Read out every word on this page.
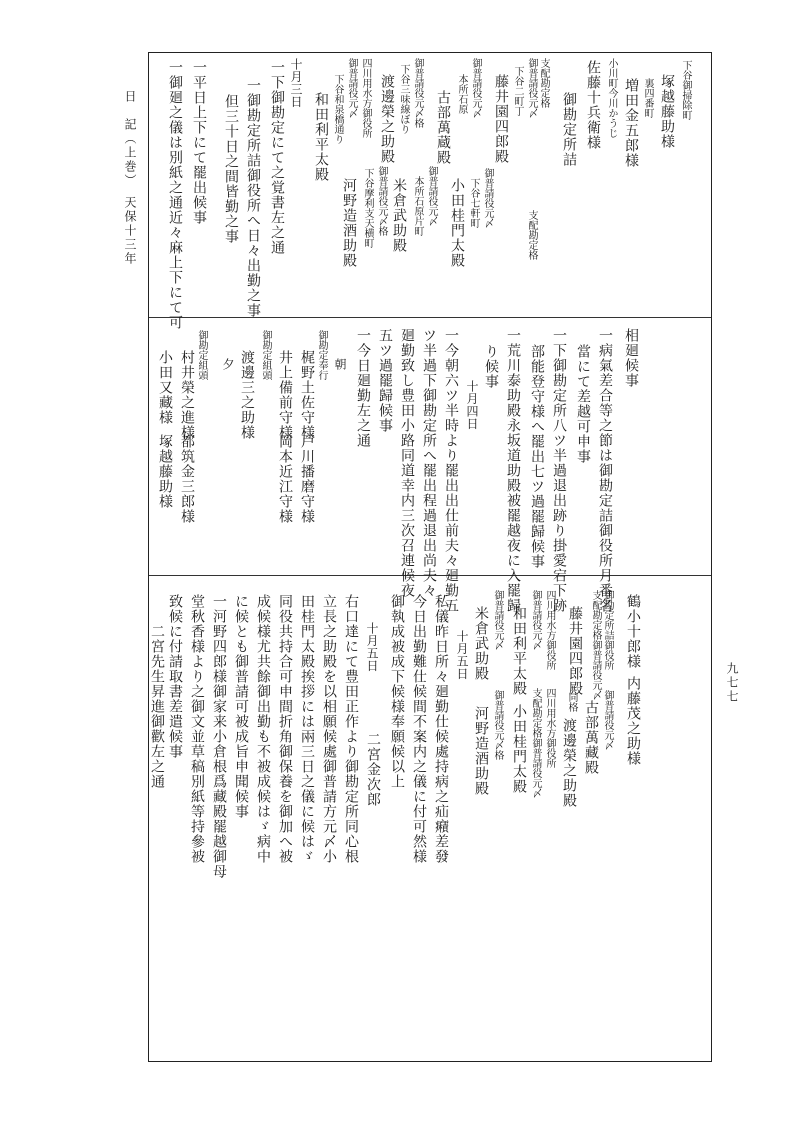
日　記（上巻）　天保十三年
九七七
下谷御掃除町
塚越藤助様
裏四番町
増田金五郎様
小川町今川かうじ
佐藤十兵衛様
御勘定所詰
支配勘定格
御普請役元〆
下谷二町丁
藤井園四郎殿
御普請役元〆
本所石原
古部萬蔵殿
御普請役元〆格
下谷三味線ぼり
渡邊榮之助殿
四川用水方御役所
御普請役元〆
下谷和泉橋通り
和田利平太殿
十月三日
一下御勘定にて之覚書左之通
一御勘定所詰御役所へ日々出勤之事
但三十日之間皆勤之事
一平日上下にて罷出候事
一御廻之儀は別紙之通近々麻上下にて可	支配勘定格
御普請役元〆
下谷七軒町
小田桂門太殿
御普請役元〆
本所石原片町
米倉武助殿
御普請役元〆格
下谷摩利支天横町
河野造酒助殿
相廻候事
一病氣差合等之節は御勘定詰御役所月番名
當にて差越可申事
一下御勘定所八ツ半過退出跡り掛愛宕下跡
部能登守様へ罷出七ツ過罷歸候事
一荒川泰助殿永坂道助殿被罷越夜に入罷歸
り候事
十月四日
一今朝六ツ半時より罷出出仕前夫々廻勤五
ツ半過下御勘定所へ罷出程過退出尚夫々
廻勤致し豊田小路同道幸内三次召連候夜
五ツ過罷歸候事
一今日廻勤左之通
朝
御勘定奉行
梶野土佐守様
戸川播磨守様
井上備前守様
岡本近江守様
御勘定組頭
渡邊三之助様
夕
御勘定組頭
村井榮之進様
都筑金三郎様
小田又藏様
塚越藤助様
鶴小十郎様
内藤茂之助様
御勘定所詰御役所
支配勘定格御普請役元〆
御普請役元〆
古部萬藏殿
藤井園四郎殿
同格
渡邊榮之助殿
四川用水方御役所
御普請役元〆
和田利平太殿
四川用水方御役所
支配勘定格御普請役元〆
小田桂門太殿
御普請役元〆
米倉武助殿
御普請役元〆格
河野造酒助殿
十月五日
私儀昨日所々廻勤仕候處持病之疝癪差發
今日出勤難仕候間不案内之儀に付可然様
御執成被成下候様奉願候以上
十月五日
二宮金次郎
右口達にて豊田正作より御勘定所同心根
立長之助殿を以相願候處御普請方元〆小
田桂門太殿挨拶には兩三日之儀に候はゞ
同役共持合可申間折角御保養を御加へ被
成候様尤共餘御出勤も不被成候はゞ病中
に候とも御普請可被成旨申聞候事
一河野四郎様御家来小倉根爲藏殿罷越御母
堂秋香様より之御文並草稿別紙等持參被
致候に付請取書差遣候事
二宮先生昇進御歡左之通
